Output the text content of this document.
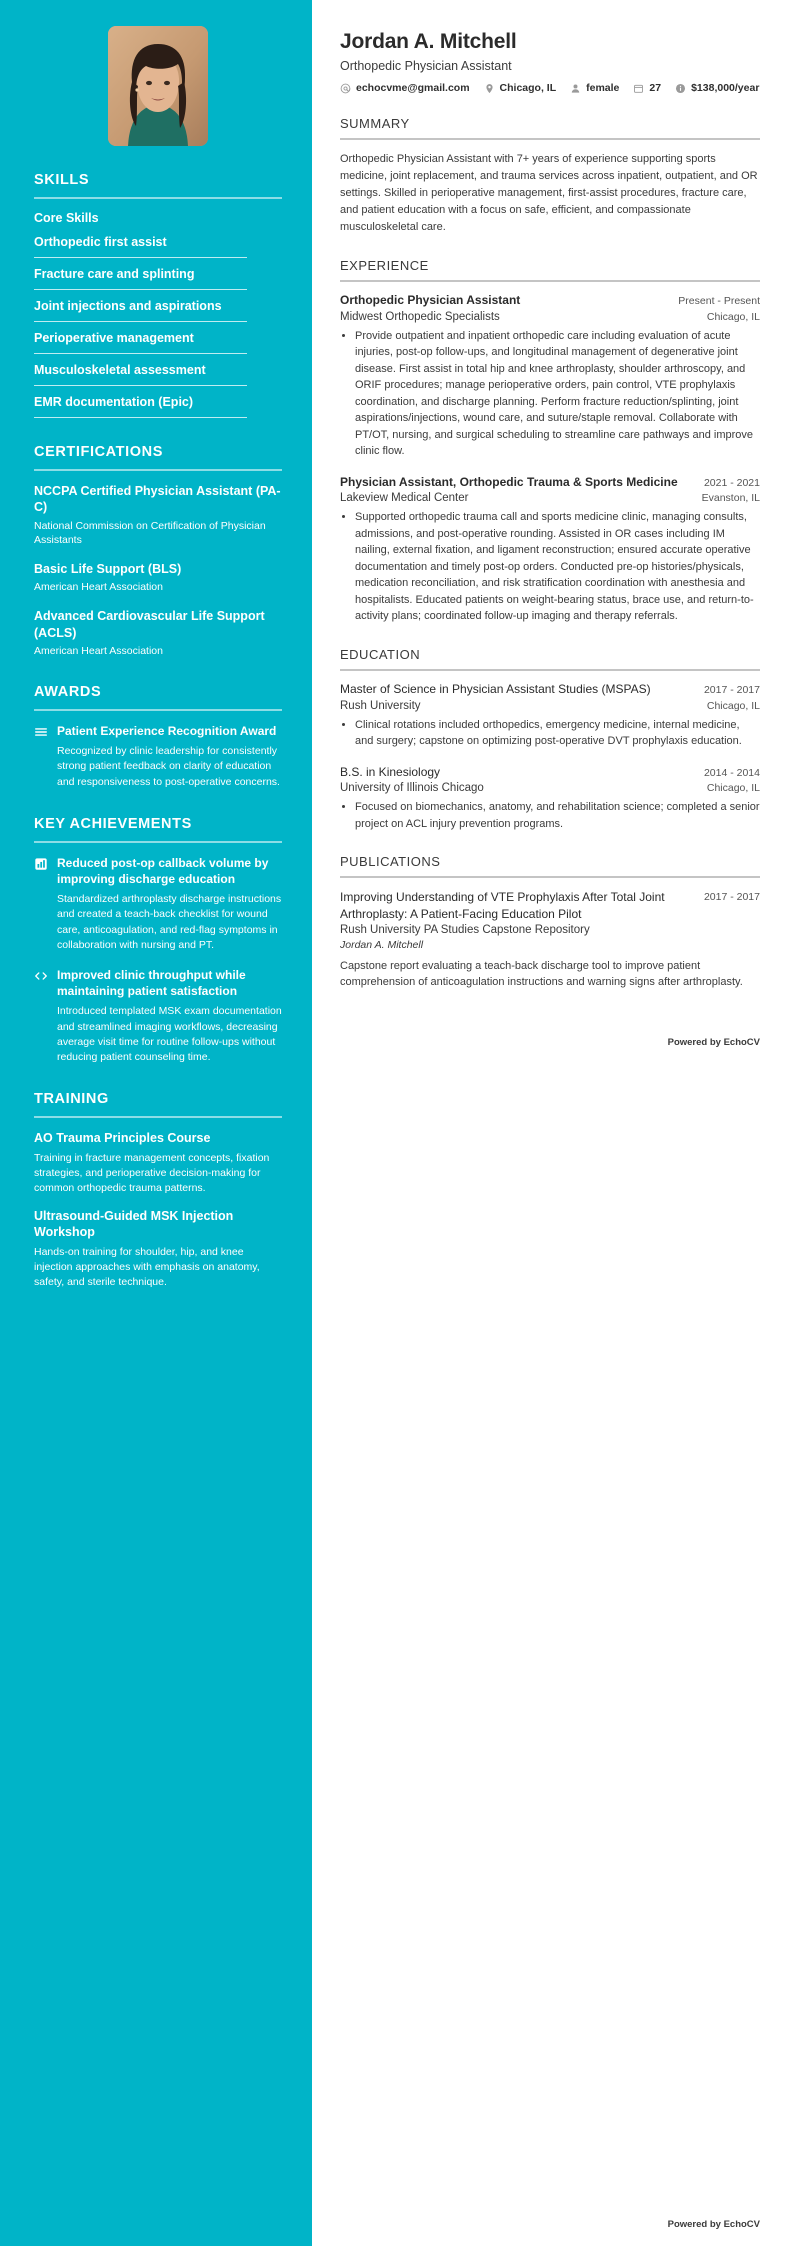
SKILLS
Core Skills
Orthopedic first assist
Fracture care and splinting
Joint injections and aspirations
Perioperative management
Musculoskeletal assessment
EMR documentation (Epic)
CERTIFICATIONS
NCCPA Certified Physician Assistant (PA-C)
National Commission on Certification of Physician Assistants
Basic Life Support (BLS)
American Heart Association
Advanced Cardiovascular Life Support (ACLS)
American Heart Association
AWARDS
Patient Experience Recognition Award
Recognized by clinic leadership for consistently strong patient feedback on clarity of education and responsiveness to post-operative concerns.
KEY ACHIEVEMENTS
Reduced post-op callback volume by improving discharge education
Standardized arthroplasty discharge instructions and created a teach-back checklist for wound care, anticoagulation, and red-flag symptoms in collaboration with nursing and PT.
Improved clinic throughput while maintaining patient satisfaction
Introduced templated MSK exam documentation and streamlined imaging workflows, decreasing average visit time for routine follow-ups without reducing patient counseling time.
TRAINING
AO Trauma Principles Course
Training in fracture management concepts, fixation strategies, and perioperative decision-making for common orthopedic trauma patterns.
Ultrasound-Guided MSK Injection Workshop
Hands-on training for shoulder, hip, and knee injection approaches with emphasis on anatomy, safety, and sterile technique.
Jordan A. Mitchell
Orthopedic Physician Assistant
echocvme@gmail.com	Chicago, IL	female	27	$138,000/year
SUMMARY

Orthopedic Physician Assistant with 7+ years of experience supporting sports medicine, joint replacement, and trauma services across inpatient, outpatient, and OR settings. Skilled in perioperative management, first-assist procedures, fracture care, and patient education with a focus on safe, efficient, and compassionate musculoskeletal care.

EXPERIENCE
Orthopedic Physician Assistant	Present - Present
Midwest Orthopedic Specialists	Chicago, IL
• Provide outpatient and inpatient orthopedic care including evaluation of acute injuries, post-op follow-ups, and longitudinal management of degenerative joint disease. First assist in total hip and knee arthroplasty, shoulder arthroscopy, and ORIF procedures; manage perioperative orders, pain control, VTE prophylaxis coordination, and discharge planning. Perform fracture reduction/splinting, joint aspirations/injections, wound care, and suture/staple removal. Collaborate with PT/OT, nursing, and surgical scheduling to streamline care pathways and improve clinic flow.
Physician Assistant, Orthopedic Trauma & Sports Medicine	2021 - 2021
Lakeview Medical Center	Evanston, IL
• Supported orthopedic trauma call and sports medicine clinic, managing consults, admissions, and post-operative rounding. Assisted in OR cases including IM nailing, external fixation, and ligament reconstruction; ensured accurate operative documentation and timely post-op orders. Conducted pre-op histories/physicals, medication reconciliation, and risk stratification coordination with anesthesia and hospitalists. Educated patients on weight-bearing status, brace use, and return-to-activity plans; coordinated follow-up imaging and therapy referrals.
EDUCATION
Master of Science in Physician Assistant Studies (MSPAS)	2017 - 2017
Rush University	Chicago, IL
• Clinical rotations included orthopedics, emergency medicine, internal medicine, and surgery; capstone on optimizing post-operative DVT prophylaxis education.
B.S. in Kinesiology	2014 - 2014
University of Illinois Chicago	Chicago, IL
• Focused on biomechanics, anatomy, and rehabilitation science; completed a senior project on ACL injury prevention programs.
PUBLICATIONS
Improving Understanding of VTE Prophylaxis After Total Joint Arthroplasty: A Patient-Facing Education Pilot
2017 - 2017
Rush University PA Studies Capstone Repository
Jordan A. Mitchell
Capstone report evaluating a teach-back discharge tool to improve patient comprehension of anticoagulation instructions and warning signs after arthroplasty.
Powered by EchoCV
Powered by EchoCV
